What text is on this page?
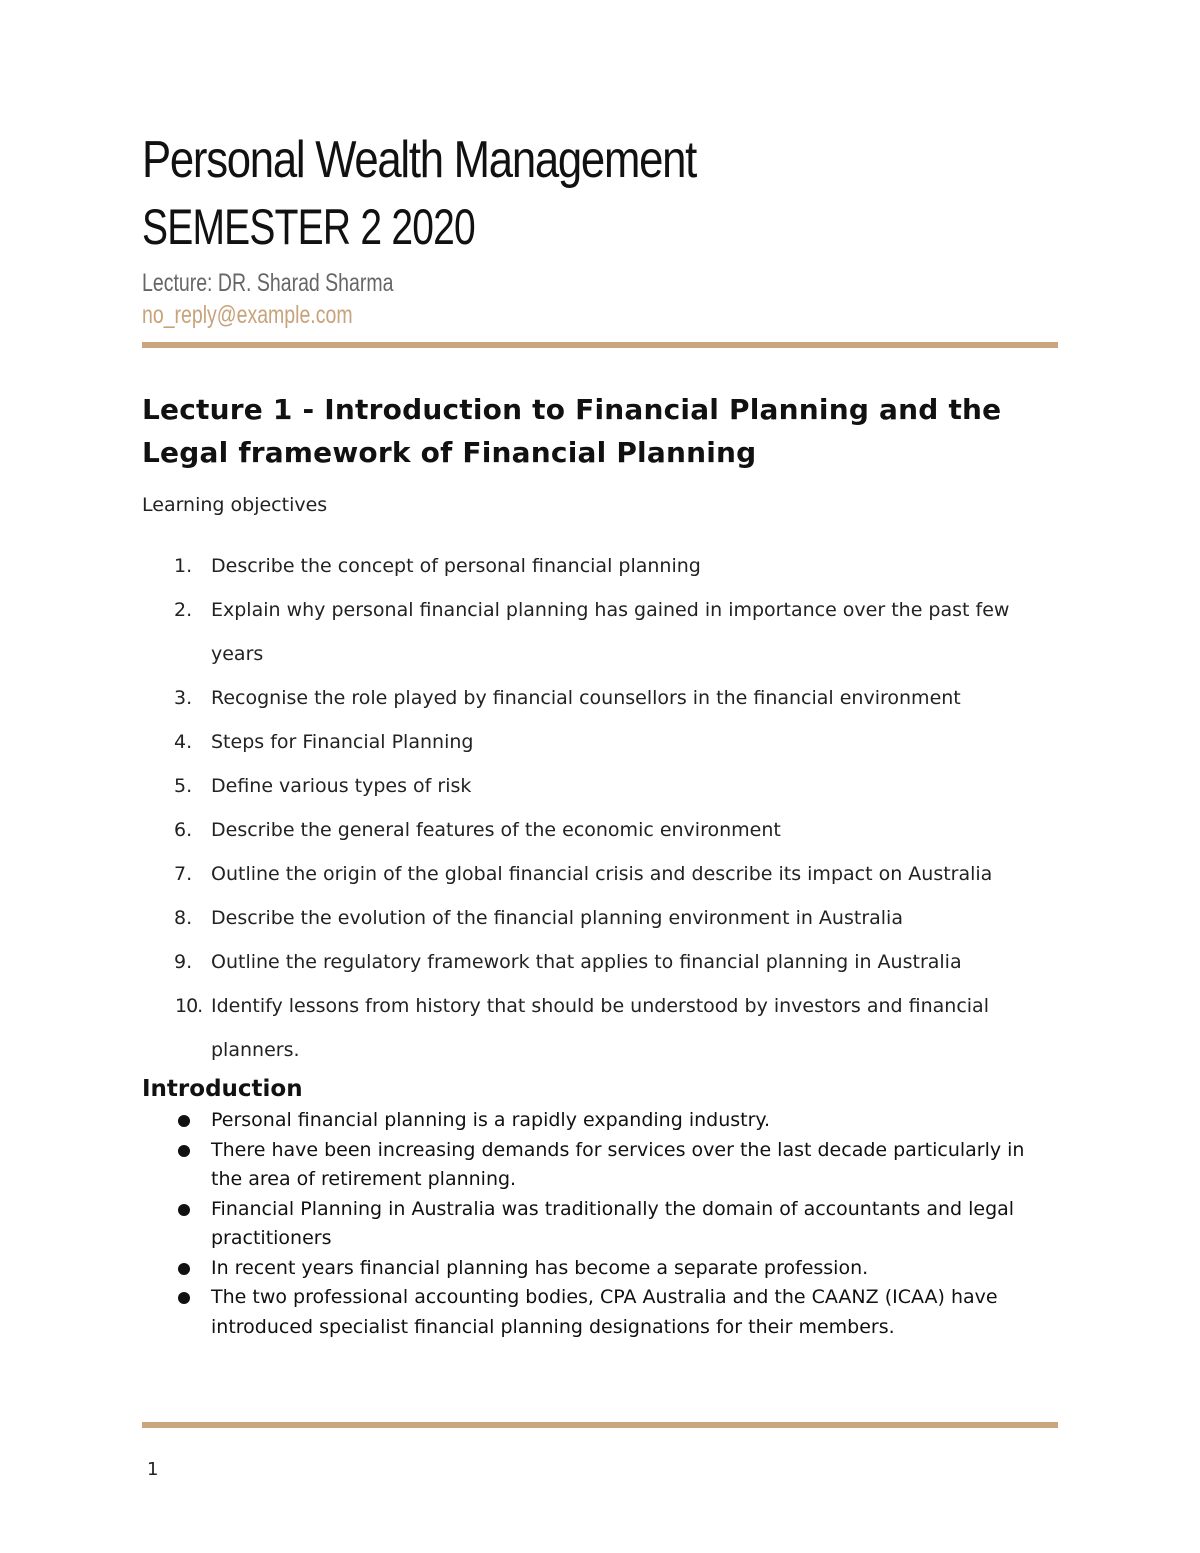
Personal Wealth Management
SEMESTER 2 2020
Lecture: DR. Sharad Sharma
no_reply@example.com
Lecture 1 - Introduction to Financial Planning and the
Legal framework of Financial Planning
Learning objectives
1. Describe the concept of personal financial planning
2. Explain why personal financial planning has gained in importance over the past few years
3. Recognise the role played by financial counsellors in the financial environment
4. Steps for Financial Planning
5. Define various types of risk
6. Describe the general features of the economic environment
7. Outline the origin of the global financial crisis and describe its impact on Australia
8. Describe the evolution of the financial planning environment in Australia
9. Outline the regulatory framework that applies to financial planning in Australia
10. Identify lessons from history that should be understood by investors and financial planners.
Introduction
Personal financial planning is a rapidly expanding industry.
There have been increasing demands for services over the last decade particularly in the area of retirement planning.
Financial Planning in Australia was traditionally the domain of accountants and legal practitioners
In recent years financial planning has become a separate profession.
The two professional accounting bodies, CPA Australia and the CAANZ (ICAA) have introduced specialist financial planning designations for their members.
1
